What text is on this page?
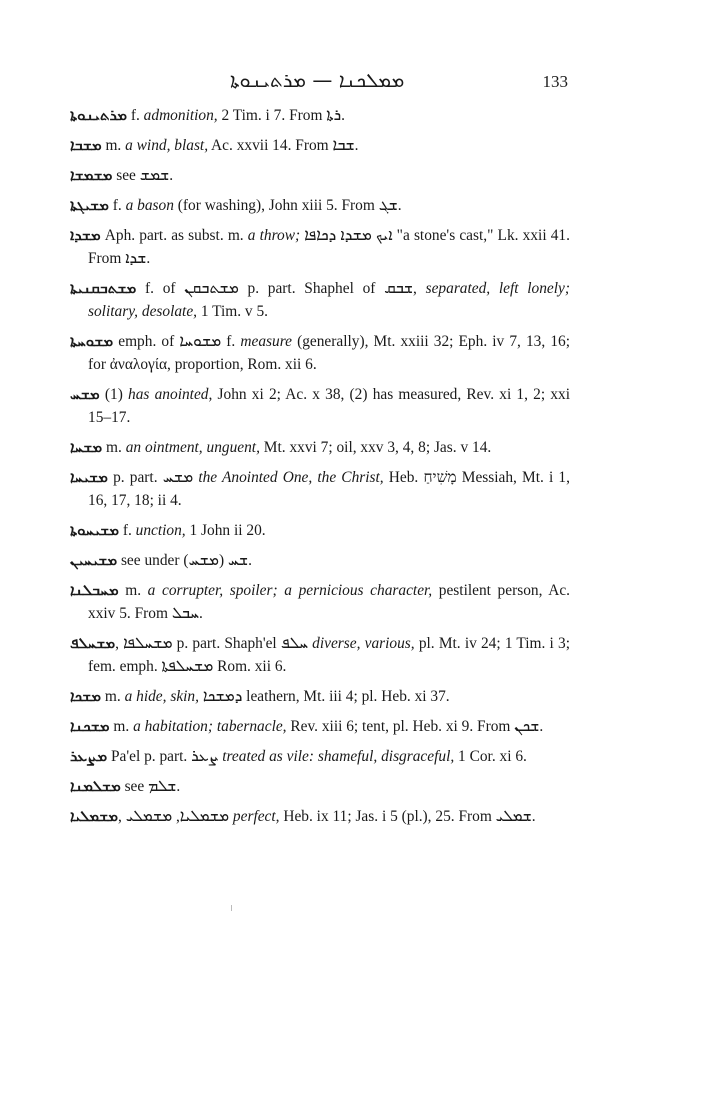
ܡܡܠܟܢܐ — ܡܪܬܝܢܘܬܐ	133

ܡܪܬܝܢܘܬܐ f. admonition, 2 Tim. i 7. From ܪܬܐ.

ܡܫܒܐ m. a wind, blast, Ac. xxvii 14. From ܫܒܐ.

ܡܫܡܫܐ see ܫܡܫ.

ܡܫܝܓܬܐ f. a bason (for washing), John xiii 5. From ܫܓ.

ܡܫܕܐ Aph. part. as subst. m. a throw; ܐܝܟ ܡܫܕܐ ܕܟܐܦܐ "a stone's cast," Lk. xxii 41. From ܫܕܐ.

ܡܫܬܒܩܢܝܬܐ f. of ܡܫܬܒܩܢ p. part. Shaphel of ܫܒܩ, separated, left lonely; solitary, desolate, 1 Tim. v 5.

ܡܫܘܚܬܐ emph. of ܡܫܘܚܐ f. measure (generally), Mt. xxiii 32; Eph. iv 7, 13, 16; for ἀναλογία, proportion, Rom. xii 6.

ܡܫܚ (1) has anointed, John xi 2; Ac. x 38, (2) has measured, Rev. xi 1, 2; xxi 15–17.

ܡܫܚܐ m. an ointment, unguent, Mt. xxvi 7; oil, xxv 3, 4, 8; Jas. v 14.

ܡܫܝܚܐ p. part. ܡܫܚ the Anointed One, the Christ, Heb. מָשִׁיחַ Messiah, Mt. i 1, 16, 17, 18; ii 4.

ܡܫܝܚܘܬܐ f. unction, 1 John ii 20.

ܡܫܝܚܝܢ see under (ܡܫܚ) ܫܚ.

ܡܚܒܠܢܐ m. a corrupter, spoiler; a pernicious character, pestilent person, Ac. xxiv 5. From ܚܒܠ.

ܡܫܚܠܦ, ܡܫܚܠܦܐ p. part. Shaph'el ܚܠܦ diverse, various, pl. Mt. iv 24; 1 Tim. i 3; fem. emph. ܡܫܚܠܦܬܐ Rom. xii 6.

ܡܫܟܐ m. a hide, skin, ܕܡܫܟܐ leathern, Mt. iii 4; pl. Heb. xi 37.

ܡܫܟܢܐ m. a habitation; tabernacle, Rev. xiii 6; tent, pl. Heb. xi 9. From ܫܟܢ.

ܡܨܥܪ Pa'el p. part. ܨܥܪ treated as vile: shameful, disgraceful, 1 Cor. xi 6.

ܡܫܠܡܢܐ see ܫܠܡ.

ܡܫܡܠܝܐ, ܡܫܡܠܝܐ, ܡܫܡܠܝ perfect, Heb. ix 11; Jas. i 5 (pl.), 25. From ܫܡܠܝ.
